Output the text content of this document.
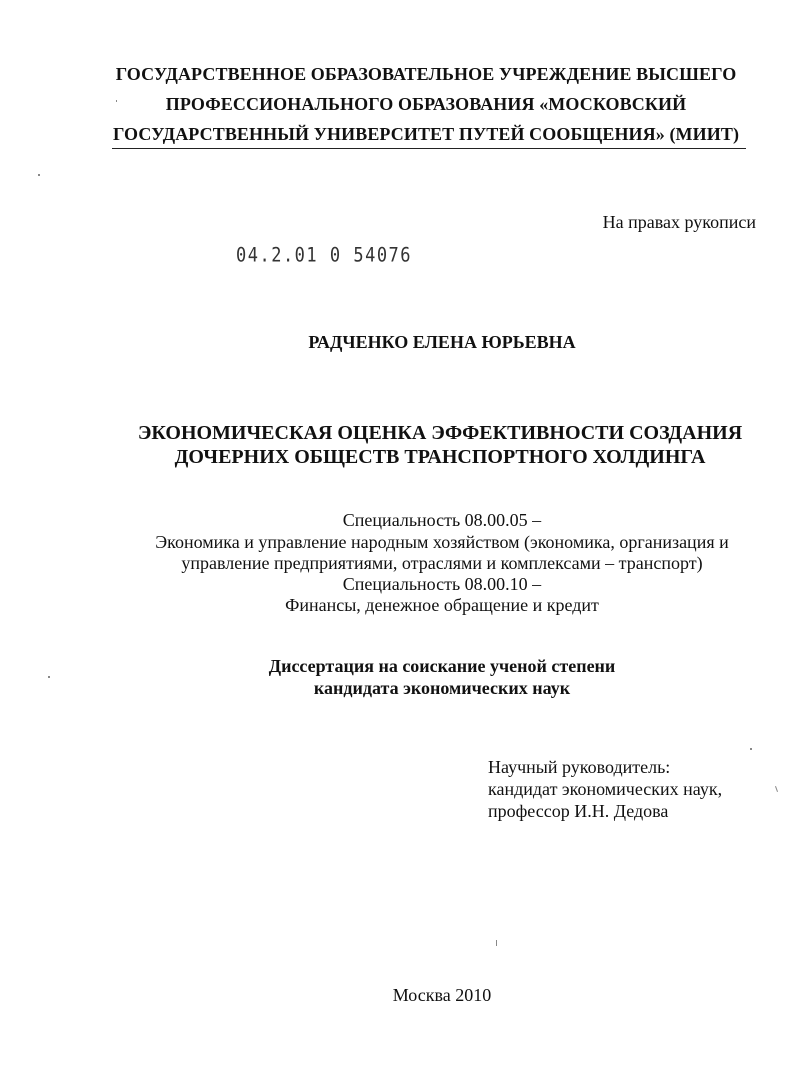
ГОСУДАРСТВЕННОЕ ОБРАЗОВАТЕЛЬНОЕ УЧРЕЖДЕНИЕ ВЫСШЕГО
ПРОФЕССИОНАЛЬНОГО ОБРАЗОВАНИЯ «МОСКОВСКИЙ
ГОСУДАРСТВЕННЫЙ УНИВЕРСИТЕТ ПУТЕЙ СООБЩЕНИЯ» (МИИТ)
На правах рукописи
04.2.01 0 54076
РАДЧЕНКО ЕЛЕНА ЮРЬЕВНА
ЭКОНОМИЧЕСКАЯ ОЦЕНКА ЭФФЕКТИВНОСТИ СОЗДАНИЯ
ДОЧЕРНИХ ОБЩЕСТВ ТРАНСПОРТНОГО ХОЛДИНГА
Специальность 08.00.05 –
Экономика и управление народным хозяйством (экономика, организация и
управление предприятиями, отраслями и комплексами – транспорт)
Специальность 08.00.10 –
Финансы, денежное обращение и кредит
Диссертация на соискание ученой степени
кандидата экономических наук
Научный руководитель:
кандидат экономических наук,
профессор И.Н. Дедова
Москва 2010
